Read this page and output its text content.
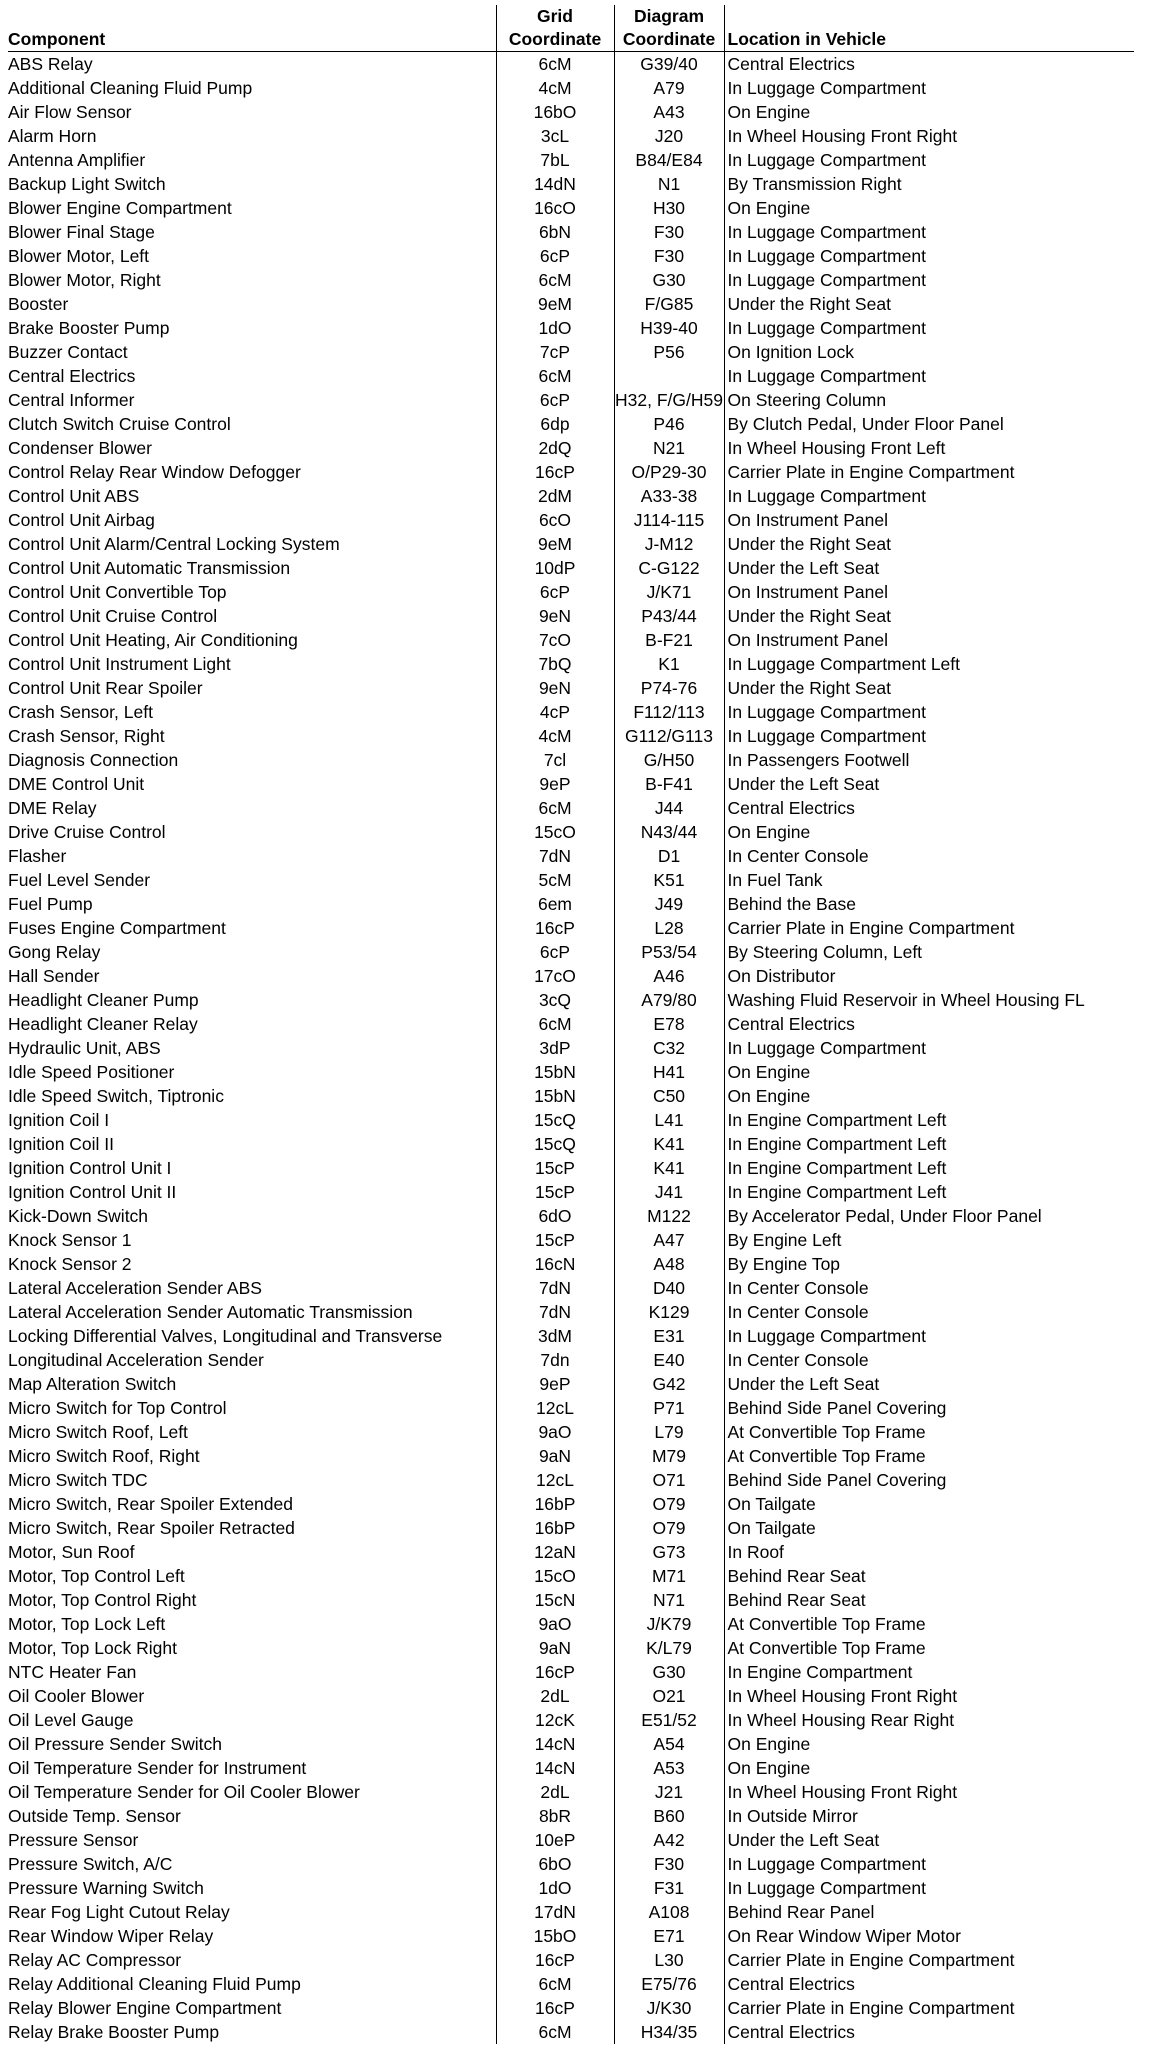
Component	Grid Coordinate	Diagram Coordinate	Location in Vehicle
ABS Relay	6cM	G39/40	Central Electrics
Additional Cleaning Fluid Pump	4cM	A79	In Luggage Compartment
Air Flow Sensor	16bO	A43	On Engine
Alarm Horn	3cL	J20	In Wheel Housing Front Right
Antenna Amplifier	7bL	B84/E84	In Luggage Compartment
Backup Light Switch	14dN	N1	By Transmission Right
Blower Engine Compartment	16cO	H30	On Engine
Blower Final Stage	6bN	F30	In Luggage Compartment
Blower Motor, Left	6cP	F30	In Luggage Compartment
Blower Motor, Right	6cM	G30	In Luggage Compartment
Booster	9eM	F/G85	Under the Right Seat
Brake Booster Pump	1dO	H39-40	In Luggage Compartment
Buzzer Contact	7cP	P56	On Ignition Lock
Central Electrics	6cM		In Luggage Compartment
Central Informer	6cP	H32, F/G/H59	On Steering Column
Clutch Switch Cruise Control	6dp	P46	By Clutch Pedal, Under Floor Panel
Condenser Blower	2dQ	N21	In Wheel Housing Front Left
Control Relay Rear Window Defogger	16cP	O/P29-30	Carrier Plate in Engine Compartment
Control Unit ABS	2dM	A33-38	In Luggage Compartment
Control Unit Airbag	6cO	J114-115	On Instrument Panel
Control Unit Alarm/Central Locking System	9eM	J-M12	Under the Right Seat
Control Unit Automatic Transmission	10dP	C-G122	Under the Left Seat
Control Unit Convertible Top	6cP	J/K71	On Instrument Panel
Control Unit Cruise Control	9eN	P43/44	Under the Right Seat
Control Unit Heating, Air Conditioning	7cO	B-F21	On Instrument Panel
Control Unit Instrument Light	7bQ	K1	In Luggage Compartment Left
Control Unit Rear Spoiler	9eN	P74-76	Under the Right Seat
Crash Sensor, Left	4cP	F112/113	In Luggage Compartment
Crash Sensor, Right	4cM	G112/G113	In Luggage Compartment
Diagnosis Connection	7cl	G/H50	In Passengers Footwell
DME Control Unit	9eP	B-F41	Under the Left Seat
DME Relay	6cM	J44	Central Electrics
Drive Cruise Control	15cO	N43/44	On Engine
Flasher	7dN	D1	In Center Console
Fuel Level Sender	5cM	K51	In Fuel Tank
Fuel Pump	6em	J49	Behind the Base
Fuses Engine Compartment	16cP	L28	Carrier Plate in Engine Compartment
Gong Relay	6cP	P53/54	By Steering Column, Left
Hall Sender	17cO	A46	On Distributor
Headlight Cleaner Pump	3cQ	A79/80	Washing Fluid Reservoir in Wheel Housing FL
Headlight Cleaner Relay	6cM	E78	Central Electrics
Hydraulic Unit, ABS	3dP	C32	In Luggage Compartment
Idle Speed Positioner	15bN	H41	On Engine
Idle Speed Switch, Tiptronic	15bN	C50	On Engine
Ignition Coil I	15cQ	L41	In Engine Compartment Left
Ignition Coil II	15cQ	K41	In Engine Compartment Left
Ignition Control Unit I	15cP	K41	In Engine Compartment Left
Ignition Control Unit II	15cP	J41	In Engine Compartment Left
Kick-Down Switch	6dO	M122	By Accelerator Pedal, Under Floor Panel
Knock Sensor 1	15cP	A47	By Engine Left
Knock Sensor 2	16cN	A48	By Engine Top
Lateral Acceleration Sender ABS	7dN	D40	In Center Console
Lateral Acceleration Sender Automatic Transmission	7dN	K129	In Center Console
Locking Differential Valves, Longitudinal and Transverse	3dM	E31	In Luggage Compartment
Longitudinal Acceleration Sender	7dn	E40	In Center Console
Map Alteration Switch	9eP	G42	Under the Left Seat
Micro Switch for Top Control	12cL	P71	Behind Side Panel Covering
Micro Switch Roof, Left	9aO	L79	At Convertible Top Frame
Micro Switch Roof, Right	9aN	M79	At Convertible Top Frame
Micro Switch TDC	12cL	O71	Behind Side Panel Covering
Micro Switch, Rear Spoiler Extended	16bP	O79	On Tailgate
Micro Switch, Rear Spoiler Retracted	16bP	O79	On Tailgate
Motor, Sun Roof	12aN	G73	In Roof
Motor, Top Control Left	15cO	M71	Behind Rear Seat
Motor, Top Control Right	15cN	N71	Behind Rear Seat
Motor, Top Lock Left	9aO	J/K79	At Convertible Top Frame
Motor, Top Lock Right	9aN	K/L79	At Convertible Top Frame
NTC Heater Fan	16cP	G30	In Engine Compartment
Oil Cooler Blower	2dL	O21	In Wheel Housing Front Right
Oil Level Gauge	12cK	E51/52	In Wheel Housing Rear Right
Oil Pressure Sender Switch	14cN	A54	On Engine
Oil Temperature Sender for Instrument	14cN	A53	On Engine
Oil Temperature Sender for Oil Cooler Blower	2dL	J21	In Wheel Housing Front Right
Outside Temp. Sensor	8bR	B60	In Outside Mirror
Pressure Sensor	10eP	A42	Under the Left Seat
Pressure Switch, A/C	6bO	F30	In Luggage Compartment
Pressure Warning Switch	1dO	F31	In Luggage Compartment
Rear Fog Light Cutout Relay	17dN	A108	Behind Rear Panel
Rear Window Wiper Relay	15bO	E71	On Rear Window Wiper Motor
Relay AC Compressor	16cP	L30	Carrier Plate in Engine Compartment
Relay Additional Cleaning Fluid Pump	6cM	E75/76	Central Electrics
Relay Blower Engine Compartment	16cP	J/K30	Carrier Plate in Engine Compartment
Relay Brake Booster Pump	6cM	H34/35	Central Electrics
